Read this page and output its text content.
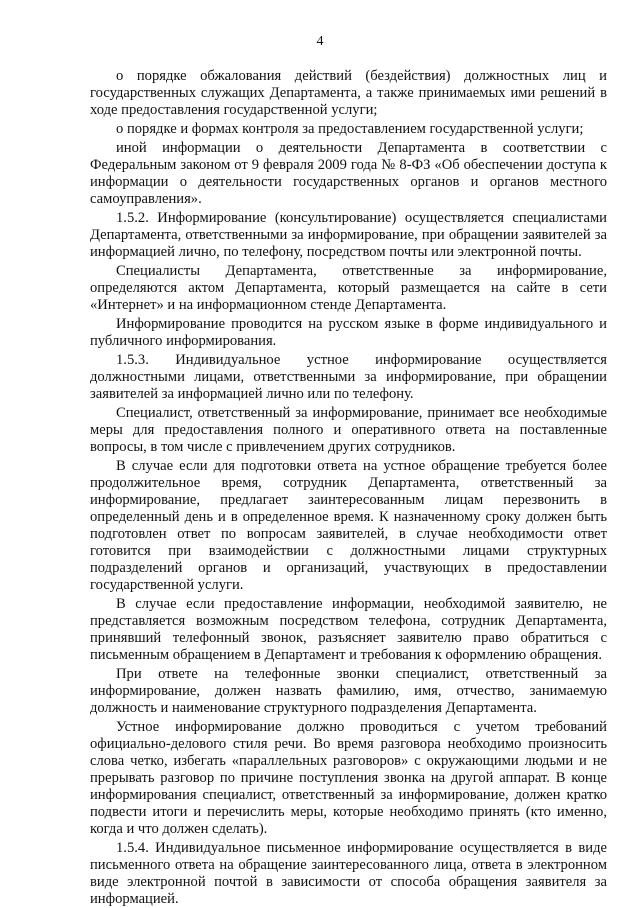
4

о порядке обжалования действий (бездействия) должностных лиц и государственных служащих Департамента, а также принимаемых ими решений в ходе предоставления государственной услуги;

о порядке и формах контроля за предоставлением государственной услуги;

иной информации о деятельности Департамента в соответствии с Федеральным законом от 9 февраля 2009 года № 8-ФЗ «Об обеспечении доступа к информации о деятельности государственных органов и органов местного самоуправления».

1.5.2. Информирование (консультирование) осуществляется специалистами Департамента, ответственными за информирование, при обращении заявителей за информацией лично, по телефону, посредством почты или электронной почты.

Специалисты Департамента, ответственные за информирование, определяются актом Департамента, который размещается на сайте в сети «Интернет» и на информационном стенде Департамента.

Информирование проводится на русском языке в форме индивидуального и публичного информирования.

1.5.3. Индивидуальное устное информирование осуществляется должностными лицами, ответственными за информирование, при обращении заявителей за информацией лично или по телефону.

Специалист, ответственный за информирование, принимает все необходимые меры для предоставления полного и оперативного ответа на поставленные вопросы, в том числе с привлечением других сотрудников.

В случае если для подготовки ответа на устное обращение требуется более продолжительное время, сотрудник Департамента, ответственный за информирование, предлагает заинтересованным лицам перезвонить в определенный день и в определенное время. К назначенному сроку должен быть подготовлен ответ по вопросам заявителей, в случае необходимости ответ готовится при взаимодействии с должностными лицами структурных подразделений органов и организаций, участвующих в предоставлении государственной услуги.

В случае если предоставление информации, необходимой заявителю, не представляется возможным посредством телефона, сотрудник Департамента, принявший телефонный звонок, разъясняет заявителю право обратиться с письменным обращением в Департамент и требования к оформлению обращения.

При ответе на телефонные звонки специалист, ответственный за информирование, должен назвать фамилию, имя, отчество, занимаемую должность и наименование структурного подразделения Департамента.

Устное информирование должно проводиться с учетом требований официально-делового стиля речи. Во время разговора необходимо произносить слова четко, избегать «параллельных разговоров» с окружающими людьми и не прерывать разговор по причине поступления звонка на другой аппарат. В конце информирования специалист, ответственный за информирование, должен кратко подвести итоги и перечислить меры, которые необходимо принять (кто именно, когда и что должен сделать).

1.5.4. Индивидуальное письменное информирование осуществляется в виде письменного ответа на обращение заинтересованного лица, ответа в электронном виде электронной почтой в зависимости от способа обращения заявителя за информацией.
